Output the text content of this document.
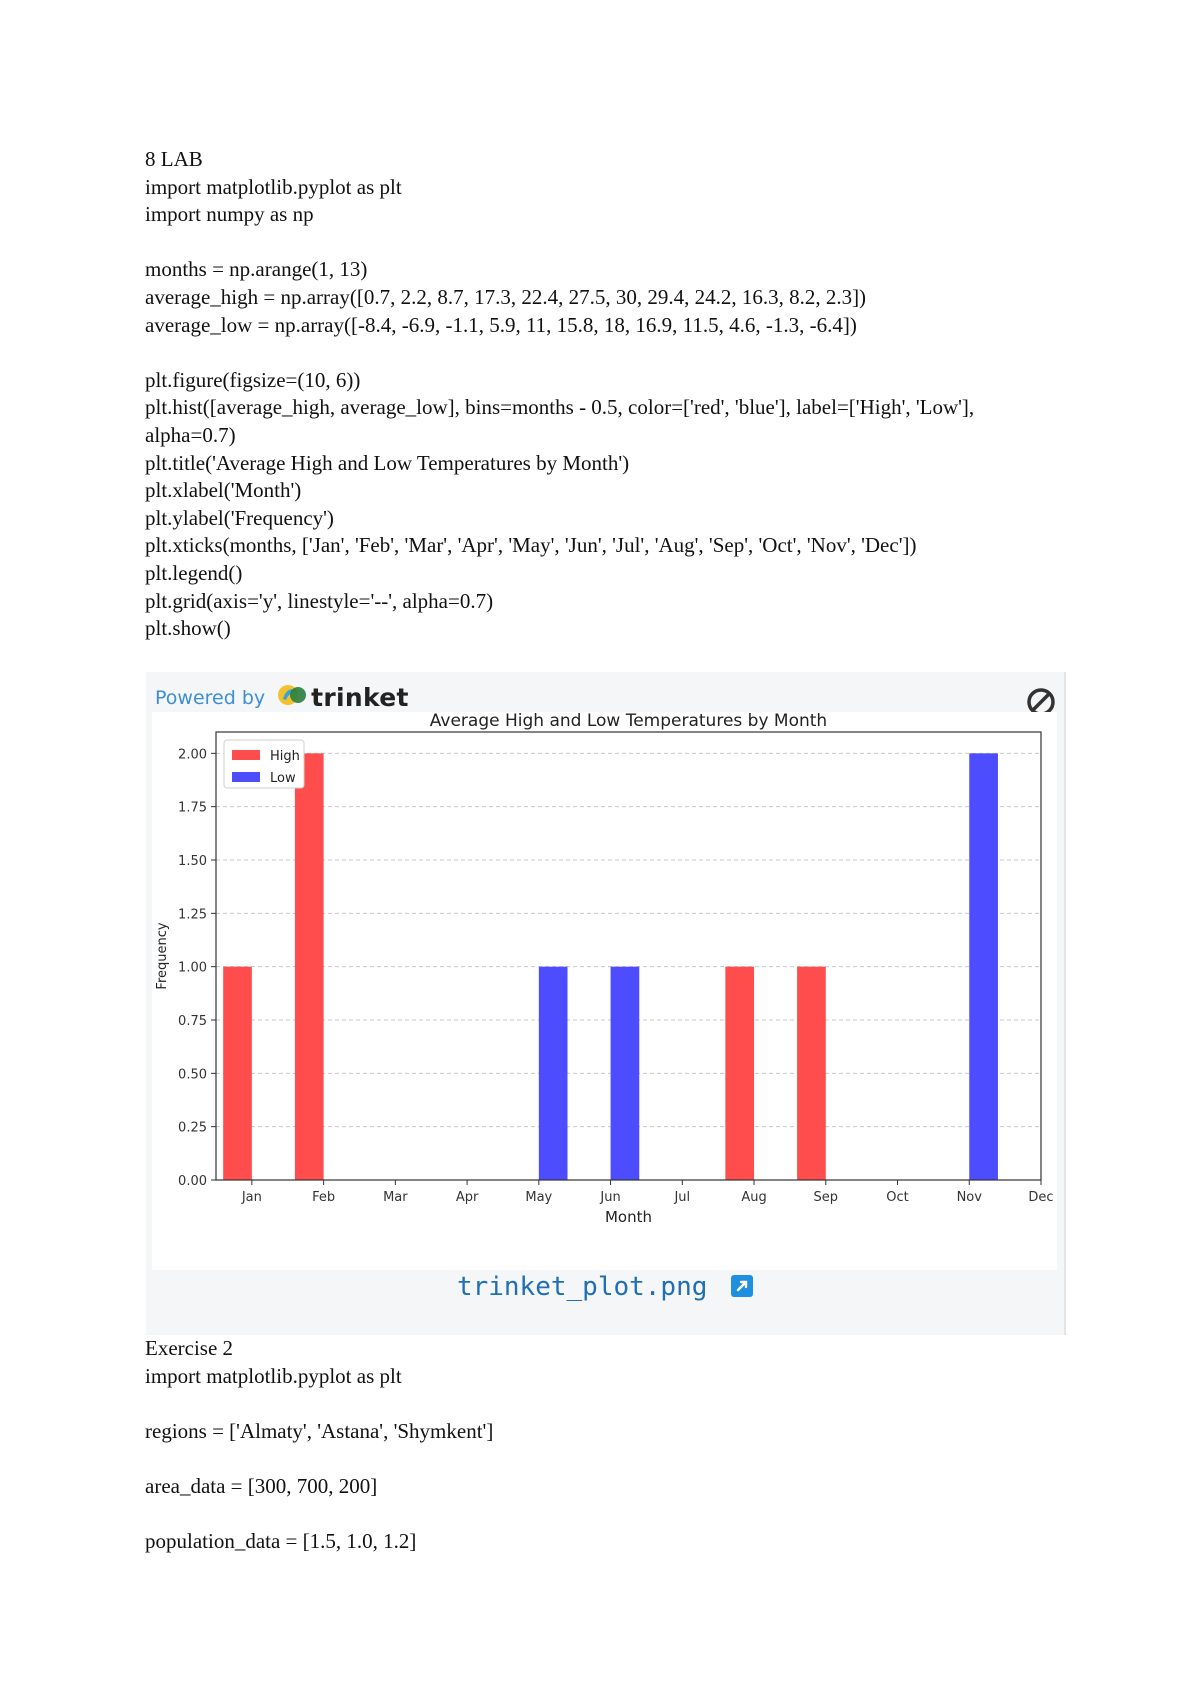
8 LAB
import matplotlib.pyplot as plt
import numpy as np
months = np.arange(1, 13)
average_high = np.array([0.7, 2.2, 8.7, 17.3, 22.4, 27.5, 30, 29.4, 24.2, 16.3, 8.2, 2.3])
average_low = np.array([-8.4, -6.9, -1.1, 5.9, 11, 15.8, 18, 16.9, 11.5, 4.6, -1.3, -6.4])
plt.figure(figsize=(10, 6))
plt.hist([average_high, average_low], bins=months - 0.5, color=['red', 'blue'], label=['High', 'Low'],
alpha=0.7)
plt.title('Average High and Low Temperatures by Month')
plt.xlabel('Month')
plt.ylabel('Frequency')
plt.xticks(months, ['Jan', 'Feb', 'Mar', 'Apr', 'May', 'Jun', 'Jul', 'Aug', 'Sep', 'Oct', 'Nov', 'Dec'])
plt.legend()
plt.grid(axis='y', linestyle='--', alpha=0.7)
plt.show()
Powered by trinket
Average High and Low Temperatures by Month
0.00
0.25
0.50
0.75
1.00
1.25
1.50
1.75
2.00
Jan	Feb	Mar	Apr	May	Jun	Jul	Aug	Sep	Oct	Nov	Dec
Month
Frequency
High
Low
trinket_plot.png
Exercise 2
import matplotlib.pyplot as plt
regions = ['Almaty', 'Astana', 'Shymkent']
area_data = [300, 700, 200]
population_data = [1.5, 1.0, 1.2]
